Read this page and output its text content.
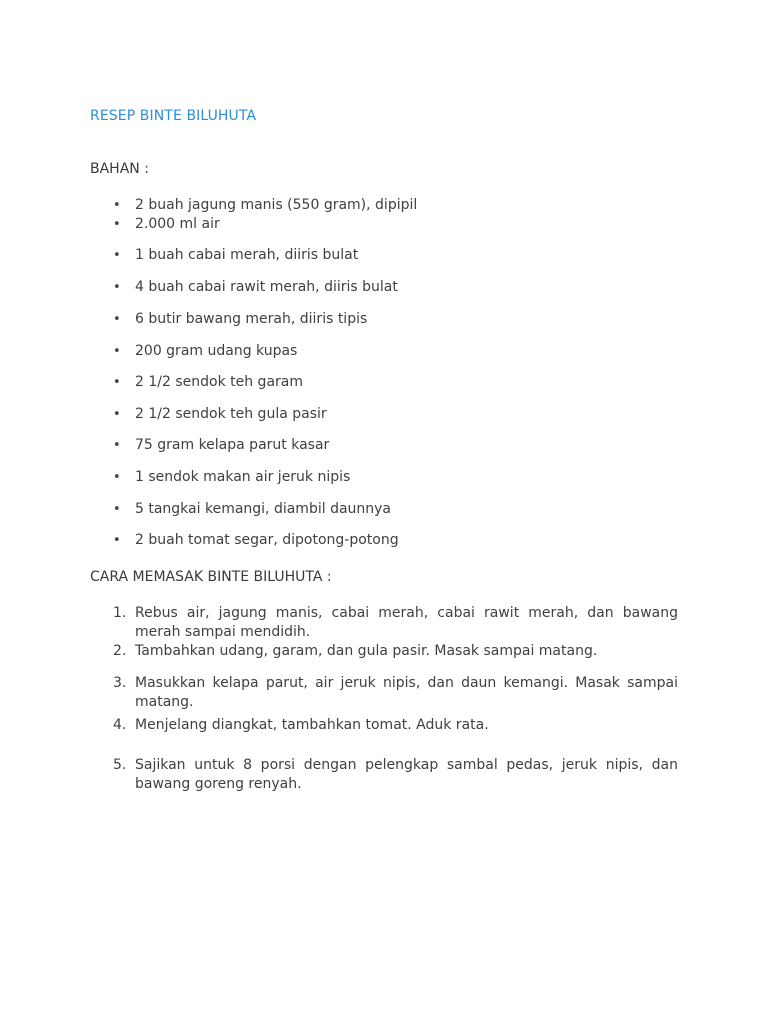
RESEP BINTE BILUHUTA
BAHAN :
• 2 buah jagung manis (550 gram), dipipil
• 2.000 ml air
• 1 buah cabai merah, diiris bulat
• 4 buah cabai rawit merah, diiris bulat
• 6 butir bawang merah, diiris tipis
• 200 gram udang kupas
• 2 1/2 sendok teh garam
• 2 1/2 sendok teh gula pasir
• 75 gram kelapa parut kasar
• 1 sendok makan air jeruk nipis
• 5 tangkai kemangi, diambil daunnya
• 2 buah tomat segar, dipotong-potong
CARA MEMASAK BINTE BILUHUTA :
1. Rebus air, jagung manis, cabai merah, cabai rawit merah, dan bawang merah sampai mendidih.
2. Tambahkan udang, garam, dan gula pasir. Masak sampai matang.
3. Masukkan kelapa parut, air jeruk nipis, dan daun kemangi. Masak sampai matang.
4. Menjelang diangkat, tambahkan tomat. Aduk rata.
5. Sajikan untuk 8 porsi dengan pelengkap sambal pedas, jeruk nipis, dan bawang goreng renyah.
